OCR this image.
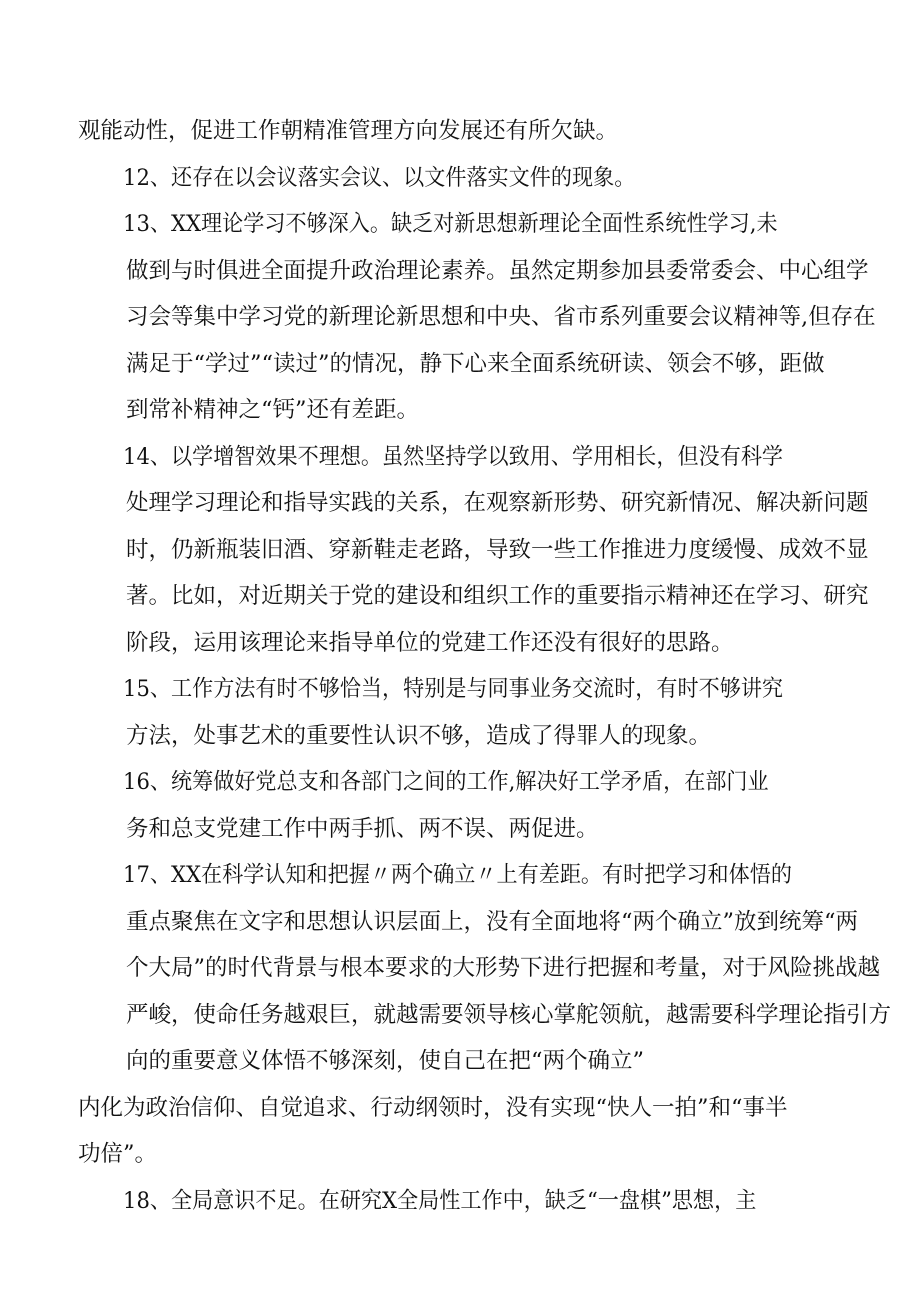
观能动性，促进工作朝精准管理方向发展还有所欠缺。
12、还存在以会议落实会议、以文件落实文件的现象。
13、XX理论学习不够深入。缺乏对新思想新理论全面性系统性学习,未
做到与时俱进全面提升政治理论素养。虽然定期参加县委常委会、中心组学
习会等集中学习党的新理论新思想和中央、省市系列重要会议精神等,但存在
满足于“学过”“读过”的情况，静下心来全面系统研读、领会不够，距做
到常补精神之“钙”还有差距。
14、以学增智效果不理想。虽然坚持学以致用、学用相长，但没有科学
处理学习理论和指导实践的关系，在观察新形势、研究新情况、解决新问题
时，仍新瓶装旧酒、穿新鞋走老路，导致一些工作推进力度缓慢、成效不显
著。比如，对近期关于党的建设和组织工作的重要指示精神还在学习、研究
阶段，运用该理论来指导单位的党建工作还没有很好的思路。
15、工作方法有时不够恰当，特别是与同事业务交流时，有时不够讲究
方法，处事艺术的重要性认识不够，造成了得罪人的现象。
16、统筹做好党总支和各部门之间的工作,解决好工学矛盾，在部门业
务和总支党建工作中两手抓、两不误、两促进。
17、XX在科学认知和把握〃两个确立〃上有差距。有时把学习和体悟的
重点聚焦在文字和思想认识层面上，没有全面地将“两个确立”放到统筹“两
个大局”的时代背景与根本要求的大形势下进行把握和考量，对于风险挑战越
严峻，使命任务越艰巨，就越需要领导核心掌舵领航，越需要科学理论指引方
向的重要意义体悟不够深刻，使自己在把“两个确立”
内化为政治信仰、自觉追求、行动纲领时，没有实现“快人一拍”和“事半
功倍”。
18、全局意识不足。在研究X全局性工作中，缺乏“一盘棋”思想，主
